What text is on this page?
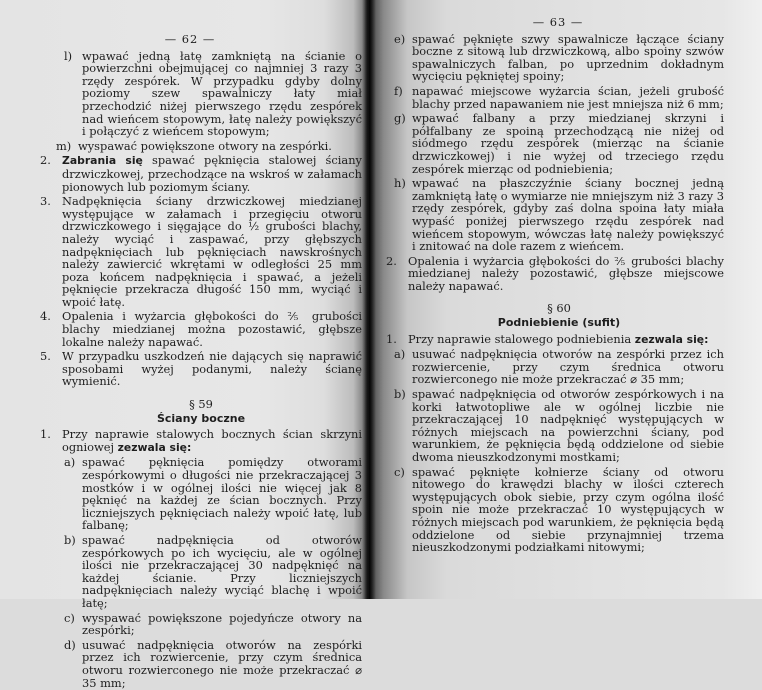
— 62 —
l) wpawać jedną łatę zamkniętą na ścianie o powierzchni obejmującej co najmniej 3 razy 3 rzędy zespórek. W przypadku gdyby dolny poziomy szew spawalniczy łaty miał przechodzić niżej pierwszego rzędu zespórek nad wieńcem stopowym, łatę należy powiększyć i połączyć z wieńcem stopowym;
m) wyspawać powiększone otwory na zespórki.
2.	Zabrania się spawać pęknięcia stalowej ściany drzwiczkowej, przechodzące na wskroś w załamach pionowych lub poziomym ściany.
3. Nadpęknięcia ściany drzwiczkowej miedzianej występujące w załamach i przegięciu otworu drzwiczkowego i sięgające do ½ grubości blachy, należy wyciąć i zaspawać, przy głębszych nadpęknięciach lub pęknięciach nawskrośnych należy zawiercić wkrętami w odległości 25 mm poza końcem nadpęknięcia i spawać, a jeżeli pęknięcie przekracza długość 150 mm, wyciąć i wpoić łatę.
4. Opalenia i wyżarcia głębokości do ⅖ grubości blachy miedzianej można pozostawić, głębsze lokalne należy napawać.
5. W przypadku uszkodzeń nie dających się naprawić sposobami wyżej podanymi, należy ścianę wymienić.
§ 59
Ściany boczne
1. Przy naprawie stalowych bocznych ścian skrzyni ogniowej zezwala się:
a) spawać pęknięcia pomiędzy otworami zespórkowymi o długości nie przekraczającej 3 mostków i w ogólnej ilości nie więcej jak 8 pęknięć na każdej ze ścian bocznych. Przy liczniejszych pęknięciach należy wpoić łatę, lub falbanę;
b) spawać nadpęknięcia od otworów zespórkowych po ich wycięciu, ale w ogólnej ilości nie przekraczającej 30 nadpęknięć na każdej ścianie. Przy liczniejszych nadpęknięciach należy wyciąć blachę i wpoić łatę;
c) wyspawać powiększone pojedyńcze otwory na zespórki;
d) usuwać nadpęknięcia otworów na zespórki przez ich rozwiercenie, przy czym średnica otworu rozwierconego nie może przekraczać ⌀ 35 mm;
— 63 —
e) spawać pęknięte szwy spawalnicze łączące ściany boczne z sitową lub drzwiczkową, albo spoiny szwów spawalniczych falban, po uprzednim dokładnym wycięciu pękniętej spoiny;
f) napawać miejscowe wyżarcia ścian, jeżeli grubość blachy przed napawaniem nie jest mniejsza niż 6 mm;
g) wpawać falbany a przy miedzianej skrzyni i półfalbany ze spoiną przechodzącą nie niżej od siódmego rzędu zespórek (mierząc na ścianie drzwiczkowej) i nie wyżej od trzeciego rzędu zespórek mierząc od podniebienia;
h) wpawać na płaszczyźnie ściany bocznej jedną zamkniętą łatę o wymiarze nie mniejszym niż 3 razy 3 rzędy zespórek, gdyby zaś dolna spoina łaty miała wypaść poniżej pierwszego rzędu zespórek nad wieńcem stopowym, wówczas łatę należy powiększyć i znitować na dole razem z wieńcem.
2. Opalenia i wyżarcia głębokości do ⅖ grubości blachy miedzianej należy pozostawić, głębsze miejscowe należy napawać.
§ 60
Podniebienie (sufit)
1. Przy naprawie stalowego podniebienia zezwala się:
a) usuwać nadpęknięcia otworów na zespórki przez ich rozwiercenie, przy czym średnica otworu rozwierconego nie może przekraczać ⌀ 35 mm;
b) spawać nadpęknięcia od otworów zespórkowych i na korki łatwotopliwe ale w ogólnej liczbie nie przekraczającej 10 nadpęknięć występujących w różnych miejscach na powierzchni ściany, pod warunkiem, że pęknięcia będą oddzielone od siebie dwoma nieuszkodzonymi mostkami;
c) spawać pęknięte kołnierze ściany od otworu nitowego do krawędzi blachy w ilości czterech występujących obok siebie, przy czym ogólna ilość spoin nie może przekraczać 10 występujących w różnych miejscach pod warunkiem, że pęknięcia będą oddzielone od siebie przynajmniej trzema nieuszkodzonymi podziałkami nitowymi;
